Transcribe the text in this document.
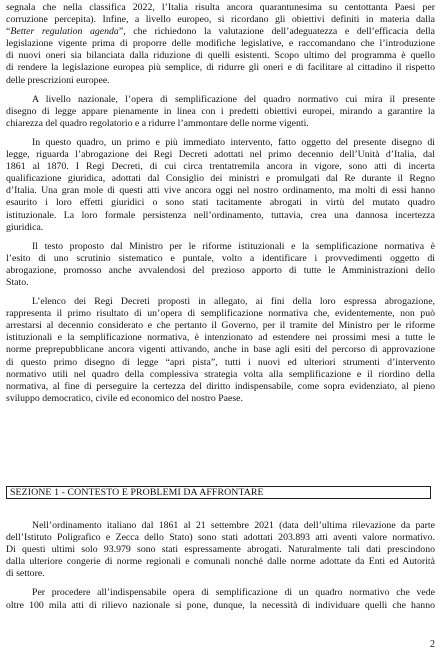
segnala che nella classifica 2022, l’Italia risulta ancora quarantunesima su centottanta Paesi per
corruzione percepita). Infine, a livello europeo, si ricordano gli obiettivi definiti in materia dalla
“Better regulation agenda”, che richiedono la valutazione dell’adeguatezza e dell’efficacia della
legislazione vigente prima di proporre delle modifiche legislative, e raccomandano che l’introduzione
di nuovi oneri sia bilanciata dalla riduzione di quelli esistenti. Scopo ultimo del programma è quello
di rendere la legislazione europea più semplice, di ridurre gli oneri e di facilitare al cittadino il rispetto
delle prescrizioni europee.

A livello nazionale, l’opera di semplificazione del quadro normativo cui mira il presente
disegno di legge appare pienamente in linea con i predetti obiettivi europei, mirando a garantire la
chiarezza del quadro regolatorio e a ridurre l’ammontare delle norme vigenti.

In questo quadro, un primo e più immediato intervento, fatto oggetto del presente disegno di
legge, riguarda l’abrogazione dei Regi Decreti adottati nel primo decennio dell’Unità d’Italia, dal
1861 al 1870. I Regi Decreti, di cui circa trentatremila ancora in vigore, sono atti di incerta
qualificazione giuridica, adottati dal Consiglio dei ministri e promulgati dal Re durante il Regno
d’Italia. Una gran mole di questi atti vive ancora oggi nel nostro ordinamento, ma molti di essi hanno
esaurito i loro effetti giuridici o sono stati tacitamente abrogati in virtù del mutato quadro
istituzionale. La loro formale persistenza nell’ordinamento, tuttavia, crea una dannosa incertezza
giuridica.

Il testo proposto dal Ministro per le riforme istituzionali e la semplificazione normativa è
l’esito di uno scrutinio sistematico e puntale, volto a identificare i provvedimenti oggetto di
abrogazione, promosso anche avvalendosi del prezioso apporto di tutte le Amministrazioni dello
Stato.

L’elenco dei Regi Decreti proposti in allegato, ai fini della loro espressa abrogazione,
rappresenta il primo risultato di un’opera di semplificazione normativa che, evidentemente, non può
arrestarsi al decennio considerato e che pertanto il Governo, per il tramite del Ministro per le riforme
istituzionali e la semplificazione normativa, è intenzionato ad estendere nei prossimi mesi a tutte le
norme preprepubblicane ancora vigenti attivando, anche in base agli esiti del percorso di approvazione
di questo primo disegno di legge “apri pista”, tutti i nuovi ed ulteriori strumenti d’intervento
normativo utili nel quadro della complessiva strategia volta alla semplificazione e il riordino della
normativa, al fine di perseguire la certezza del diritto indispensabile, come sopra evidenziato, al pieno
sviluppo democratico, civile ed economico del nostro Paese.

SEZIONE 1 - CONTESTO E PROBLEMI DA AFFRONTARE

Nell’ordinamento italiano dal 1861 al 21 settembre 2021 (data dell’ultima rilevazione da parte
dell’Istituto Poligrafico e Zecca dello Stato) sono stati adottati 203.893 atti aventi valore normativo.
Di questi ultimi solo 93.979 sono stati espressamente abrogati. Naturalmente tali dati prescindono
dalla ulteriore congerie di norme regionali e comunali nonché dalle norme adottate da Enti ed Autorità
di settore.

Per procedere all’indispensabile opera di semplificazione di un quadro normativo che vede
oltre 100 mila atti di rilievo nazionale si pone, dunque, la necessità di individuare quelli che hanno

2
